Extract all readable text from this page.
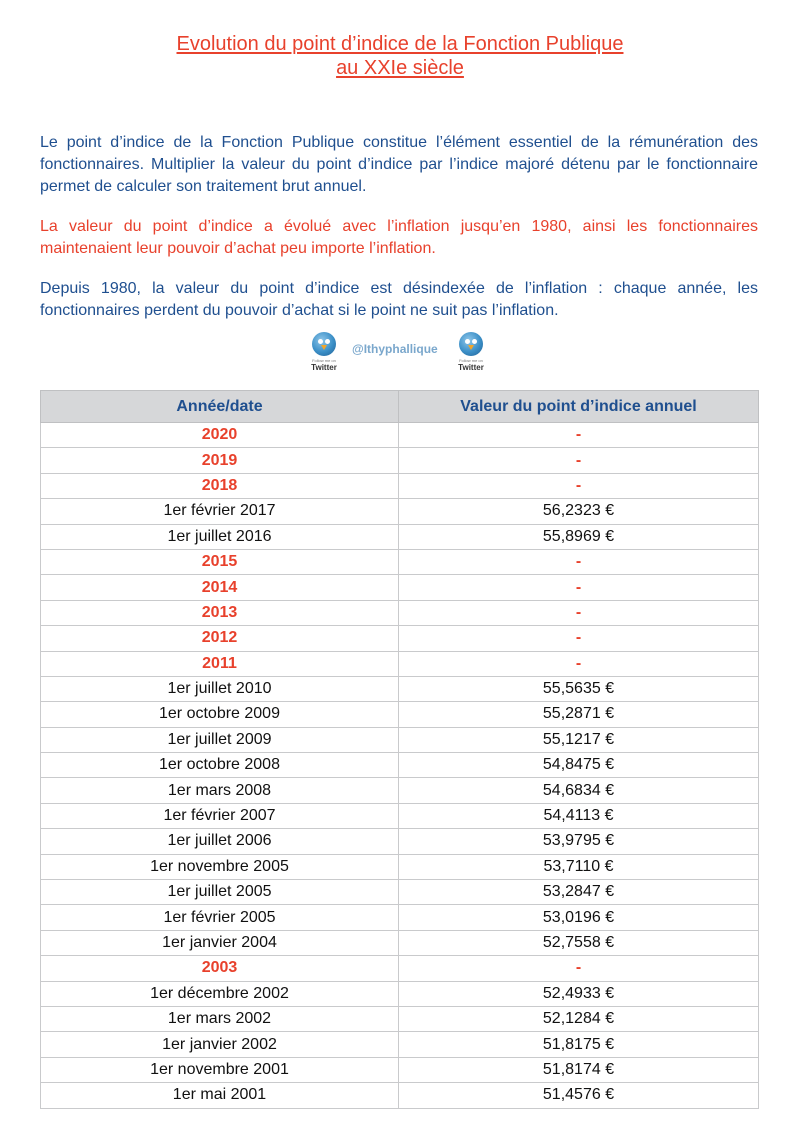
Evolution du point d’indice de la Fonction Publique
au XXIe siècle

Le point d’indice de la Fonction Publique constitue l’élément essentiel de la rémunération des fonctionnaires. Multiplier la valeur du point d’indice par l’indice majoré détenu par le fonctionnaire permet de calculer son traitement brut annuel.

La valeur du point d’indice a évolué avec l’inflation jusqu’en 1980, ainsi les fonctionnaires maintenaient leur pouvoir d’achat peu importe l’inflation.

Depuis 1980, la valeur du point d’indice est désindexée de l’inflation : chaque année, les fonctionnaires perdent du pouvoir d’achat si le point ne suit pas l’inflation.

Follow me on
Twitter
@Ithyphallique
Follow me on
Twitter
Année/date	Valeur du point d’indice annuel
2020	-
2019	-
2018	-
1er février 2017	56,2323 €
1er juillet 2016	55,8969 €
2015	-
2014	-
2013	-
2012	-
2011	-
1er juillet 2010	55,5635 €
1er octobre 2009	55,2871 €
1er juillet 2009	55,1217 €
1er octobre 2008	54,8475 €
1er mars 2008	54,6834 €
1er février 2007	54,4113 €
1er juillet 2006	53,9795 €
1er novembre 2005	53,7110 €
1er juillet 2005	53,2847 €
1er février 2005	53,0196 €
1er janvier 2004	52,7558 €
2003	-
1er décembre 2002	52,4933 €
1er mars 2002	52,1284 €
1er janvier 2002	51,8175 €
1er novembre 2001	51,8174 €
1er mai 2001	51,4576 €
